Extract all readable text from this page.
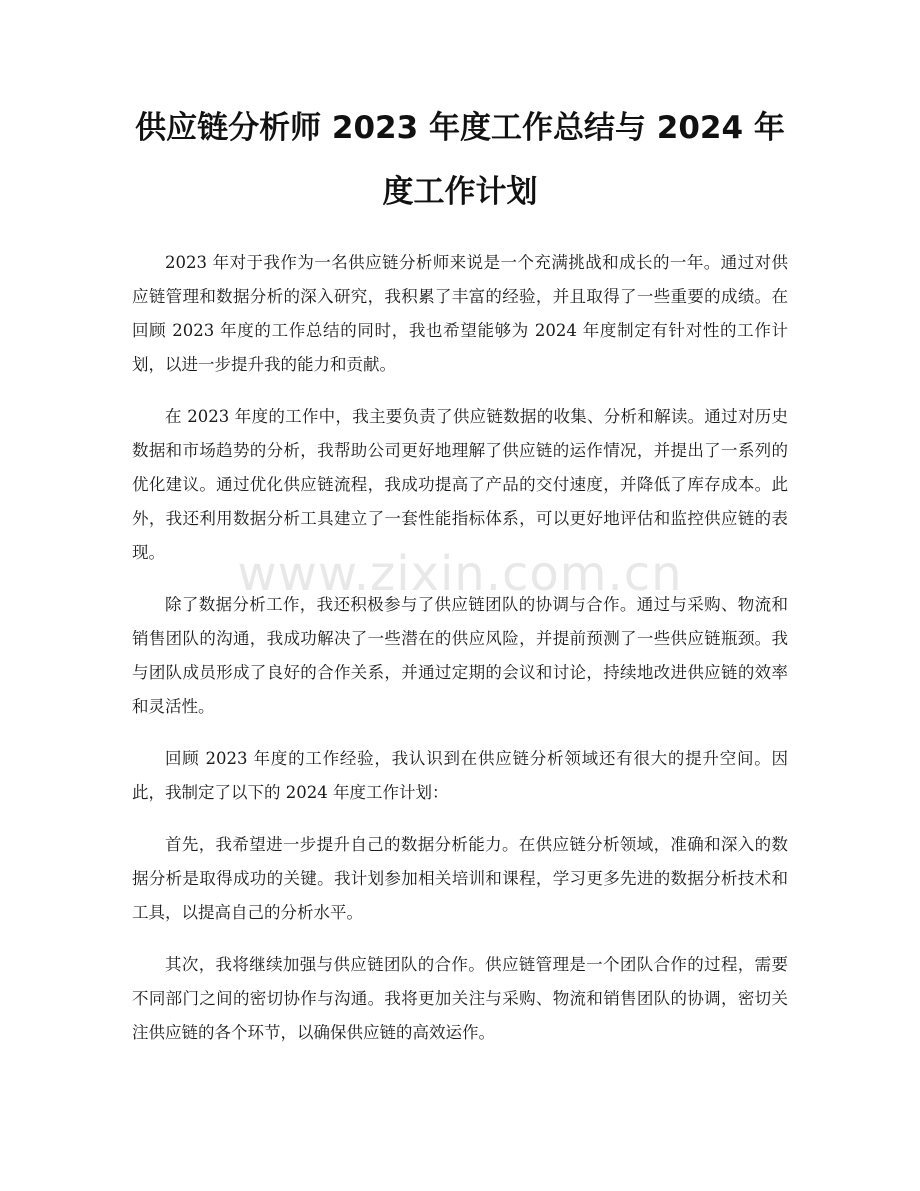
供应链分析师 2023 年度工作总结与 2024 年度工作计划

2023 年对于我作为一名供应链分析师来说是一个充满挑战和成长的一年。通过对供应链管理和数据分析的深入研究，我积累了丰富的经验，并且取得了一些重要的成绩。在回顾 2023 年度的工作总结的同时，我也希望能够为 2024 年度制定有针对性的工作计划，以进一步提升我的能力和贡献。

在 2023 年度的工作中，我主要负责了供应链数据的收集、分析和解读。通过对历史数据和市场趋势的分析，我帮助公司更好地理解了供应链的运作情况，并提出了一系列的优化建议。通过优化供应链流程，我成功提高了产品的交付速度，并降低了库存成本。此外，我还利用数据分析工具建立了一套性能指标体系，可以更好地评估和监控供应链的表现。

除了数据分析工作，我还积极参与了供应链团队的协调与合作。通过与采购、物流和销售团队的沟通，我成功解决了一些潜在的供应风险，并提前预测了一些供应链瓶颈。我与团队成员形成了良好的合作关系，并通过定期的会议和讨论，持续地改进供应链的效率和灵活性。

回顾 2023 年度的工作经验，我认识到在供应链分析领域还有很大的提升空间。因此，我制定了以下的 2024 年度工作计划：

首先，我希望进一步提升自己的数据分析能力。在供应链分析领域，准确和深入的数据分析是取得成功的关键。我计划参加相关培训和课程，学习更多先进的数据分析技术和工具，以提高自己的分析水平。

其次，我将继续加强与供应链团队的合作。供应链管理是一个团队合作的过程，需要不同部门之间的密切协作与沟通。我将更加关注与采购、物流和销售团队的协调，密切关注供应链的各个环节，以确保供应链的高效运作。

www.zixin.com.cn
